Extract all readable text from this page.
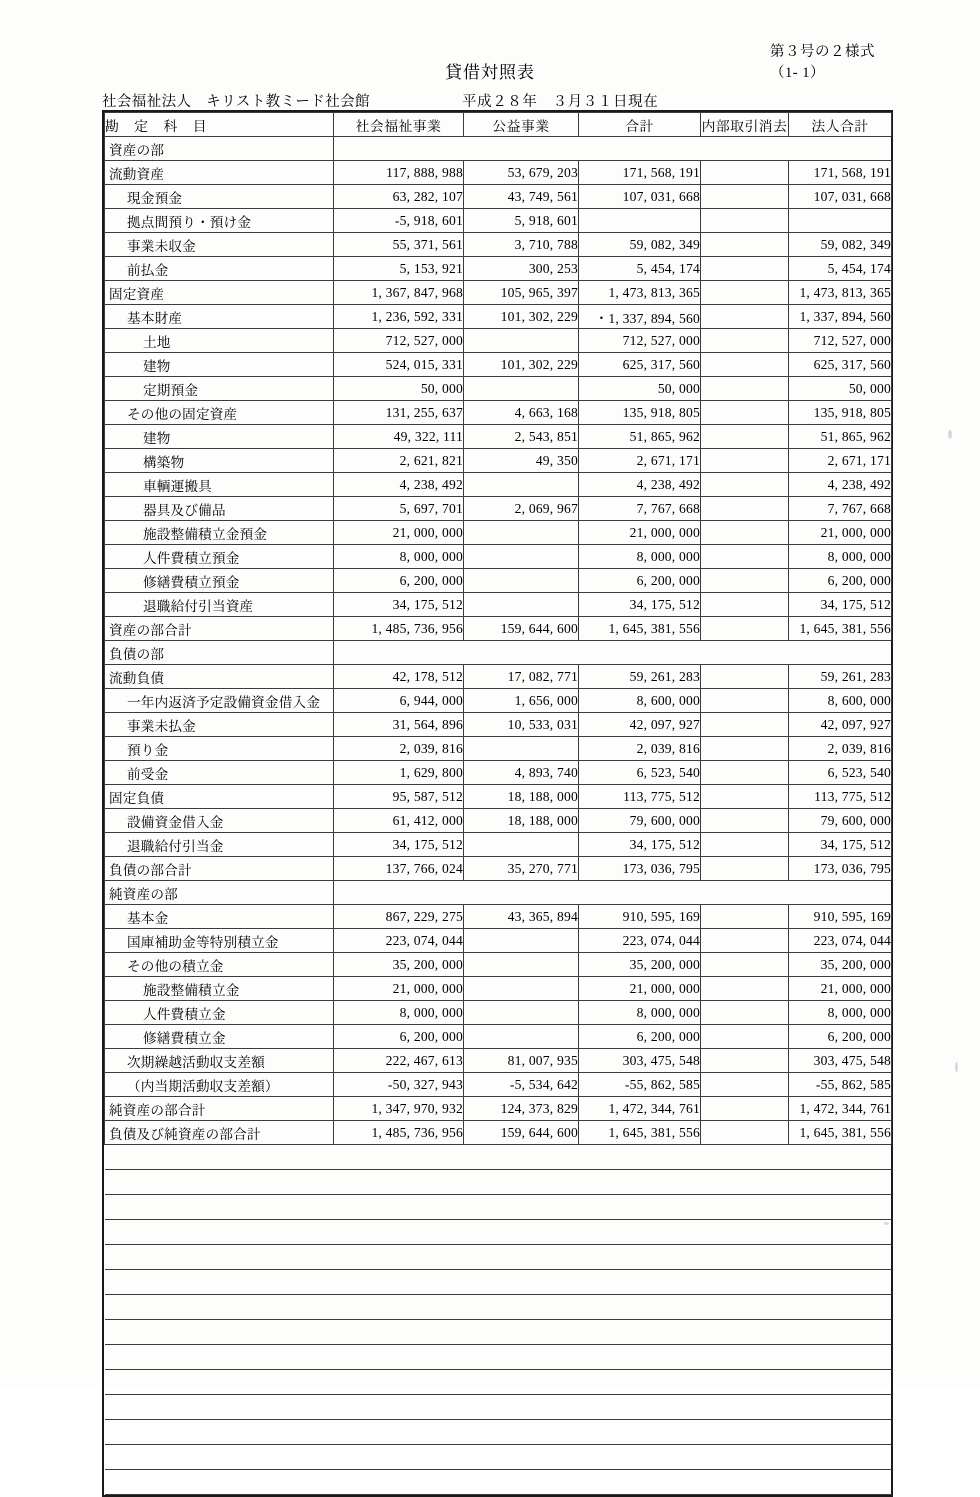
第３号の２様式
（1- 1）
貸借対照表
社会福祉法人　キリスト教ミード社会館	平成２８年　３月３１日現在
勘 定 科 目	社会福祉事業	公益事業	合計	内部取引消去	法人合計
資産の部					
流動資産	117, 888, 988	53, 679, 203	171, 568, 191		171, 568, 191
現金預金	63, 282, 107	43, 749, 561	107, 031, 668		107, 031, 668
拠点間預り・預け金	-5, 918, 601	5, 918, 601			
事業未収金	55, 371, 561	3, 710, 788	59, 082, 349		59, 082, 349
前払金	5, 153, 921	300, 253	5, 454, 174		5, 454, 174
固定資産	1, 367, 847, 968	105, 965, 397	1, 473, 813, 365		1, 473, 813, 365
基本財産	1, 236, 592, 331	101, 302, 229	・1, 337, 894, 560		1, 337, 894, 560
土地	712, 527, 000		712, 527, 000		712, 527, 000
建物	524, 015, 331	101, 302, 229	625, 317, 560		625, 317, 560
定期預金	50, 000		50, 000		50, 000
その他の固定資産	131, 255, 637	4, 663, 168	135, 918, 805		135, 918, 805
建物	49, 322, 111	2, 543, 851	51, 865, 962		51, 865, 962
構築物	2, 621, 821	49, 350	2, 671, 171		2, 671, 171
車輌運搬具	4, 238, 492		4, 238, 492		4, 238, 492
器具及び備品	5, 697, 701	2, 069, 967	7, 767, 668		7, 767, 668
施設整備積立金預金	21, 000, 000		21, 000, 000		21, 000, 000
人件費積立預金	8, 000, 000		8, 000, 000		8, 000, 000
修繕費積立預金	6, 200, 000		6, 200, 000		6, 200, 000
退職給付引当資産	34, 175, 512		34, 175, 512		34, 175, 512
資産の部合計	1, 485, 736, 956	159, 644, 600	1, 645, 381, 556		1, 645, 381, 556
負債の部					
流動負債	42, 178, 512	17, 082, 771	59, 261, 283		59, 261, 283
一年内返済予定設備資金借入金	6, 944, 000	1, 656, 000	8, 600, 000		8, 600, 000
事業未払金	31, 564, 896	10, 533, 031	42, 097, 927		42, 097, 927
預り金	2, 039, 816		2, 039, 816		2, 039, 816
前受金	1, 629, 800	4, 893, 740	6, 523, 540		6, 523, 540
固定負債	95, 587, 512	18, 188, 000	113, 775, 512		113, 775, 512
設備資金借入金	61, 412, 000	18, 188, 000	79, 600, 000		79, 600, 000
退職給付引当金	34, 175, 512		34, 175, 512		34, 175, 512
負債の部合計	137, 766, 024	35, 270, 771	173, 036, 795		173, 036, 795
純資産の部					
基本金	867, 229, 275	43, 365, 894	910, 595, 169		910, 595, 169
国庫補助金等特別積立金	223, 074, 044		223, 074, 044		223, 074, 044
その他の積立金	35, 200, 000		35, 200, 000		35, 200, 000
施設整備積立金	21, 000, 000		21, 000, 000		21, 000, 000
人件費積立金	8, 000, 000		8, 000, 000		8, 000, 000
修繕費積立金	6, 200, 000		6, 200, 000		6, 200, 000
次期繰越活動収支差額	222, 467, 613	81, 007, 935	303, 475, 548		303, 475, 548
（内当期活動収支差額）	-50, 327, 943	-5, 534, 642	-55, 862, 585		-55, 862, 585
純資産の部合計	1, 347, 970, 932	124, 373, 829	1, 472, 344, 761		1, 472, 344, 761
負債及び純資産の部合計	1, 485, 736, 956	159, 644, 600	1, 645, 381, 556		1, 645, 381, 556
